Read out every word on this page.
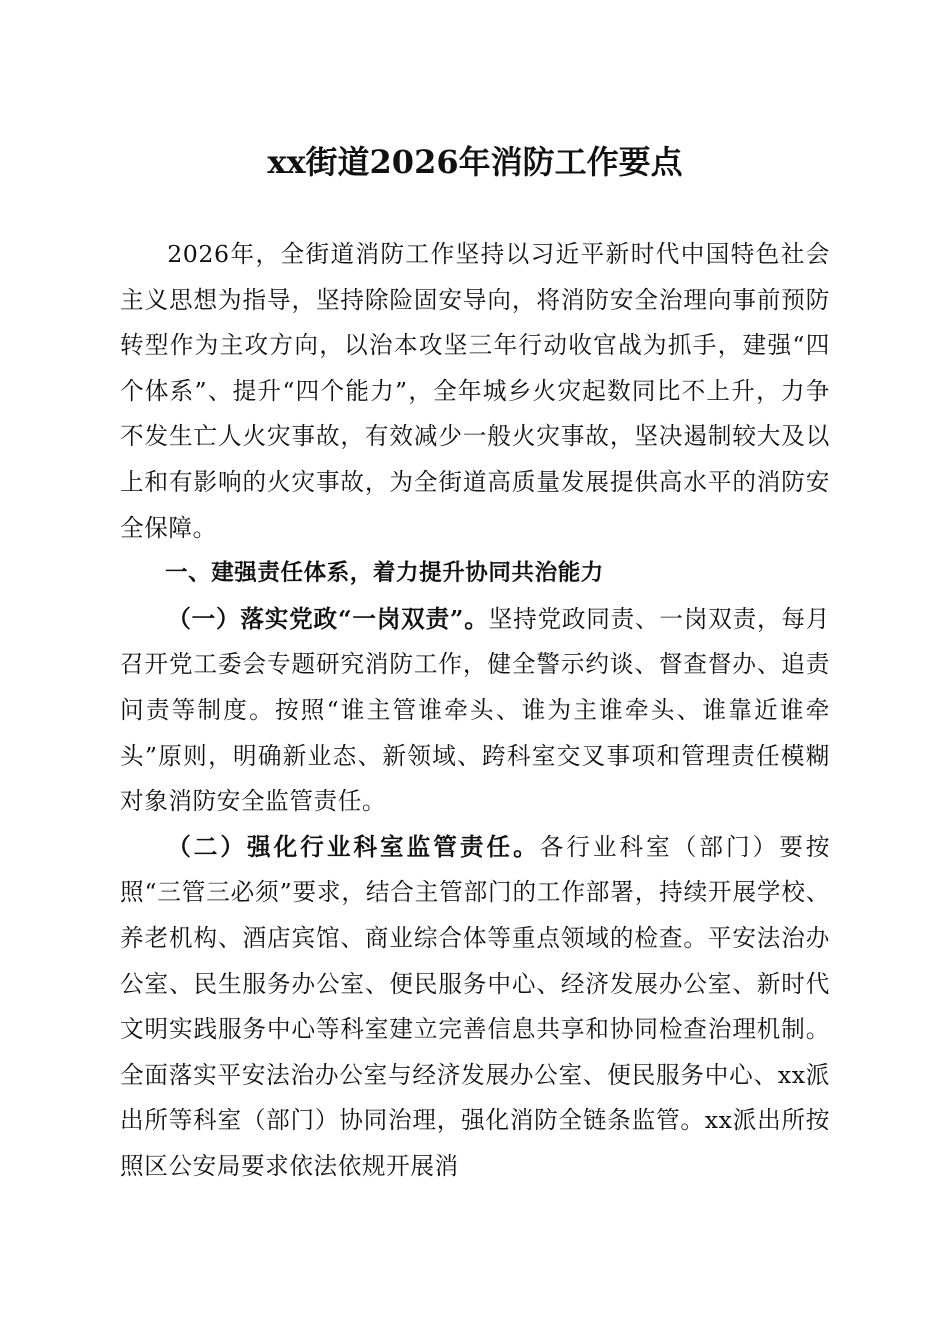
xx街道2026年消防工作要点

2026年，全街道消防工作坚持以习近平新时代中国特色社会主义思想为指导，坚持除险固安导向，将消防安全治理向事前预防转型作为主攻方向，以治本攻坚三年行动收官战为抓手，建强“四个体系”、提升“四个能力”，全年城乡火灾起数同比不上升，力争不发生亡人火灾事故，有效减少一般火灾事故，坚决遏制较大及以上和有影响的火灾事故，为全街道高质量发展提供高水平的消防安全保障。

一、建强责任体系，着力提升协同共治能力

（一）落实党政“一岗双责”。坚持党政同责、一岗双责，每月召开党工委会专题研究消防工作，健全警示约谈、督查督办、追责问责等制度。按照“谁主管谁牵头、谁为主谁牵头、谁靠近谁牵头”原则，明确新业态、新领域、跨科室交叉事项和管理责任模糊对象消防安全监管责任。

（二）强化行业科室监管责任。各行业科室（部门）要按照“三管三必须”要求，结合主管部门的工作部署，持续开展学校、养老机构、酒店宾馆、商业综合体等重点领域的检查。平安法治办公室、民生服务办公室、便民服务中心、经济发展办公室、新时代文明实践服务中心等科室建立完善信息共享和协同检查治理机制。全面落实平安法治办公室与经济发展办公室、便民服务中心、xx派出所等科室（部门）协同治理，强化消防全链条监管。xx派出所按照区公安局要求依法依规开展消
